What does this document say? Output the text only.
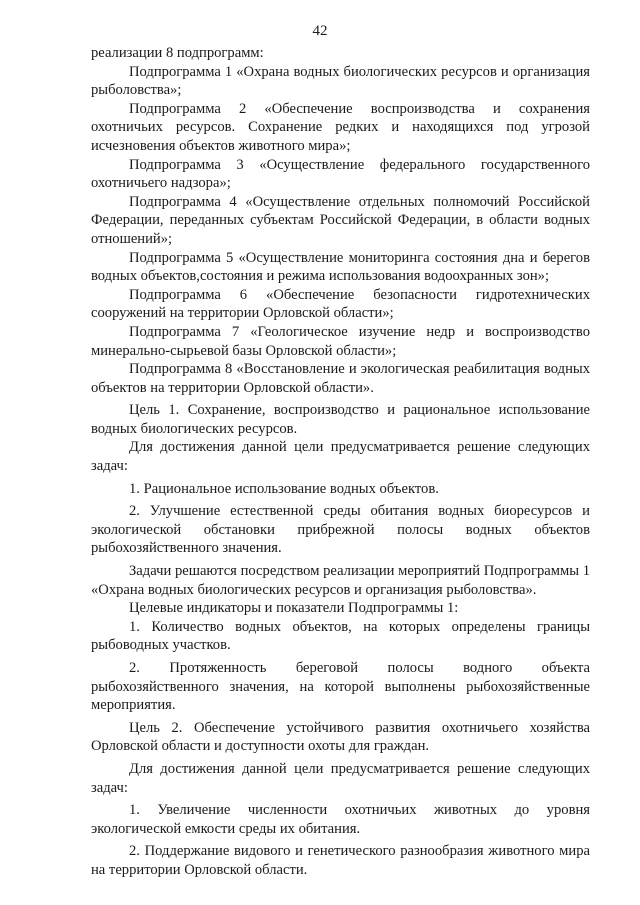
42

реализации 8 подпрограмм:

Подпрограмма 1 «Охрана водных биологических ресурсов и организация рыболовства»;

Подпрограмма 2 «Обеспечение воспроизводства и сохранения охотничьих ресурсов. Сохранение редких и находящихся под угрозой исчезновения объектов животного мира»;

Подпрограмма 3 «Осуществление федерального государственного охотничьего надзора»;

Подпрограмма 4 «Осуществление отдельных полномочий Российской Федерации, переданных субъектам Российской Федерации, в области водных отношений»;

Подпрограмма 5 «Осуществление мониторинга состояния дна и берегов водных объектов,состояния и режима использования водоохранных зон»;

Подпрограмма 6 «Обеспечение безопасности гидротехнических сооружений на территории Орловской области»;

Подпрограмма 7 «Геологическое изучение недр и воспроизводство минерально-сырьевой базы Орловской области»;

Подпрограмма 8 «Восстановление и экологическая реабилитация водных объектов на территории Орловской области».

Цель 1. Сохранение, воспроизводство и рациональное использование водных биологических ресурсов.

Для достижения данной цели предусматривается решение следующих задач:

1. Рациональное использование водных объектов.

2. Улучшение естественной среды обитания водных биоресурсов и экологической обстановки прибрежной полосы водных объектов рыбохозяйственного значения.

Задачи решаются посредством реализации мероприятий Подпрограммы 1 «Охрана водных биологических ресурсов и организация рыболовства».

Целевые индикаторы и показатели Подпрограммы 1:

1. Количество водных объектов, на которых определены границы рыбоводных участков.

2. Протяженность береговой полосы водного объекта рыбохозяйственного значения, на которой выполнены рыбохозяйственные мероприятия.

Цель 2. Обеспечение устойчивого развития охотничьего хозяйства Орловской области и доступности охоты для граждан.

Для достижения данной цели предусматривается решение следующих задач:

1. Увеличение численности охотничьих животных до уровня экологической емкости среды их обитания.

2. Поддержание видового и генетического разнообразия животного мира на территории Орловской области.
